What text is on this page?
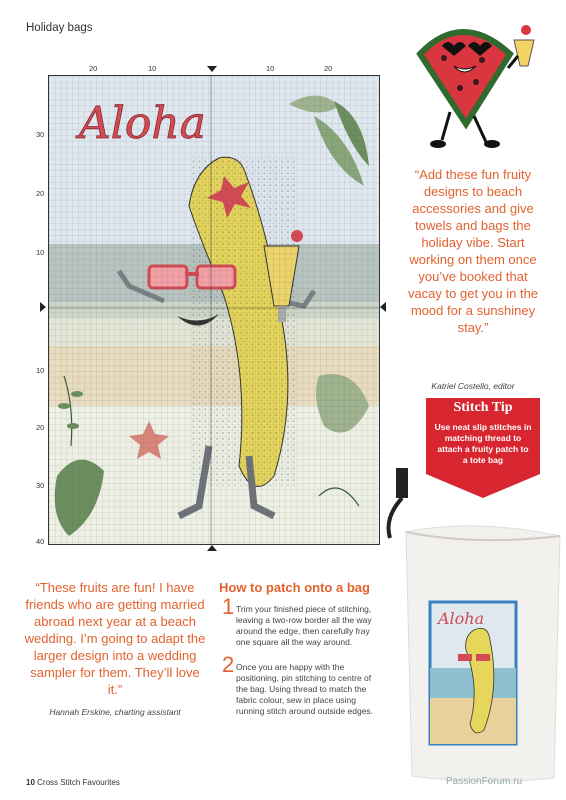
Holiday bags
20	10	10	20
30
20
10
10
20
30
40
Aloha
“Add these fun fruity designs to beach accessories and give towels and bags the holiday vibe. Start working on them once you’ve booked that vacay to get you in the mood for a sunshiney stay.”
Katriel Costello, editor
Stitch Tip
Use neat slip stitches in matching thread to attach a fruity patch to a tote bag
“These fruits are fun! I have friends who are getting married abroad next year at a beach wedding. I’m going to adapt the larger design into a wedding sampler for them. They’ll love it.”
Hannah Erskine, charting assistant
How to patch onto a bag
1 Trim your finished piece of stitching, leaving a two-row border all the way around the edge, then carefully fray one square all the way around.
2 Once you are happy with the positioning, pin stitching to centre of the bag. Using thread to match the fabric colour, sew in place using running stitch around outside edges.
Aloha
10 Cross Stitch Favourites	PassionForum.ru
